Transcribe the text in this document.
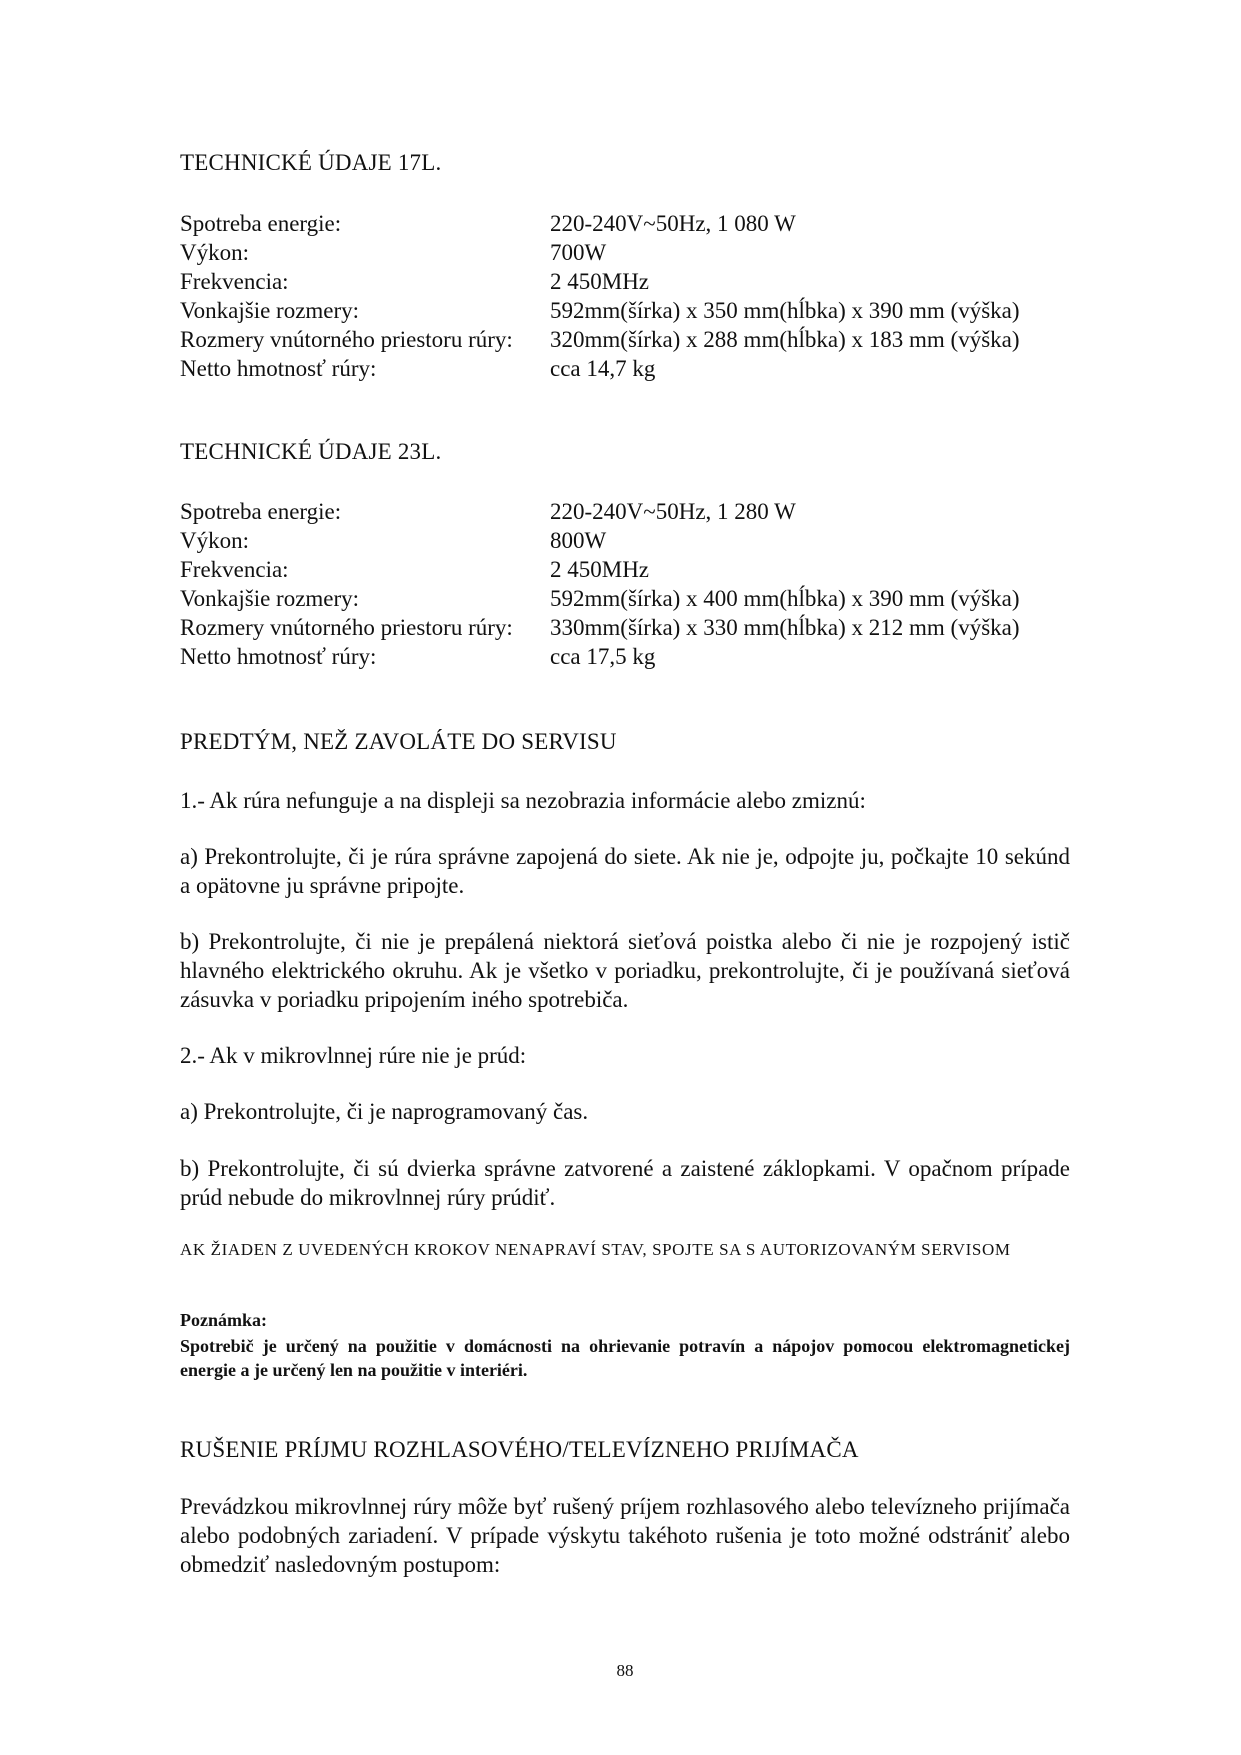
TECHNICKÉ ÚDAJE 17L.
Spotreba energie:	220-240V~50Hz, 1 080 W
Výkon:	700W
Frekvencia:	2 450MHz
Vonkajšie rozmery:	592mm(šírka) x 350 mm(hĺbka) x 390 mm (výška)
Rozmery vnútorného priestoru rúry:	320mm(šírka) x 288 mm(hĺbka) x 183 mm (výška)
Netto hmotnosť rúry:	cca 14,7 kg
TECHNICKÉ ÚDAJE 23L.
Spotreba energie:	220-240V~50Hz, 1 280 W
Výkon:	800W
Frekvencia:	2 450MHz
Vonkajšie rozmery:	592mm(šírka) x 400 mm(hĺbka) x 390 mm (výška)
Rozmery vnútorného priestoru rúry:	330mm(šírka) x 330 mm(hĺbka) x 212 mm (výška)
Netto hmotnosť rúry:	cca 17,5 kg
PREDTÝM, NEŽ ZAVOLÁTE DO SERVISU

1.- Ak rúra nefunguje a na displeji sa nezobrazia informácie alebo zmiznú:

a) Prekontrolujte, či je rúra správne zapojená do siete. Ak nie je, odpojte ju, počkajte 10 sekúnd a opätovne ju správne pripojte.

b) Prekontrolujte, či nie je prepálená niektorá sieťová poistka alebo či nie je rozpojený istič hlavného elektrického okruhu. Ak je všetko v poriadku, prekontrolujte, či je používaná sieťová zásuvka v poriadku pripojením iného spotrebiča.

2.- Ak v mikrovlnnej rúre nie je prúd:

a) Prekontrolujte, či je naprogramovaný čas.

b) Prekontrolujte, či sú dvierka správne zatvorené a zaistené záklopkami. V opačnom prípade prúd nebude do mikrovlnnej rúry prúdiť.

AK ŽIADEN Z UVEDENÝCH KROKOV NENAPRAVÍ STAV, SPOJTE SA S AUTORIZOVANÝM SERVISOM

Poznámka:

Spotrebič je určený na použitie v domácnosti na ohrievanie potravín a nápojov pomocou elektromagnetickej energie a je určený len na použitie v interiéri.

RUŠENIE PRÍJMU ROZHLASOVÉHO/TELEVÍZNEHO PRIJÍMAČA

Prevádzkou mikrovlnnej rúry môže byť rušený príjem rozhlasového alebo televízneho prijímača alebo podobných zariadení. V prípade výskytu takéhoto rušenia je toto možné odstrániť alebo obmedziť nasledovným postupom:

88
